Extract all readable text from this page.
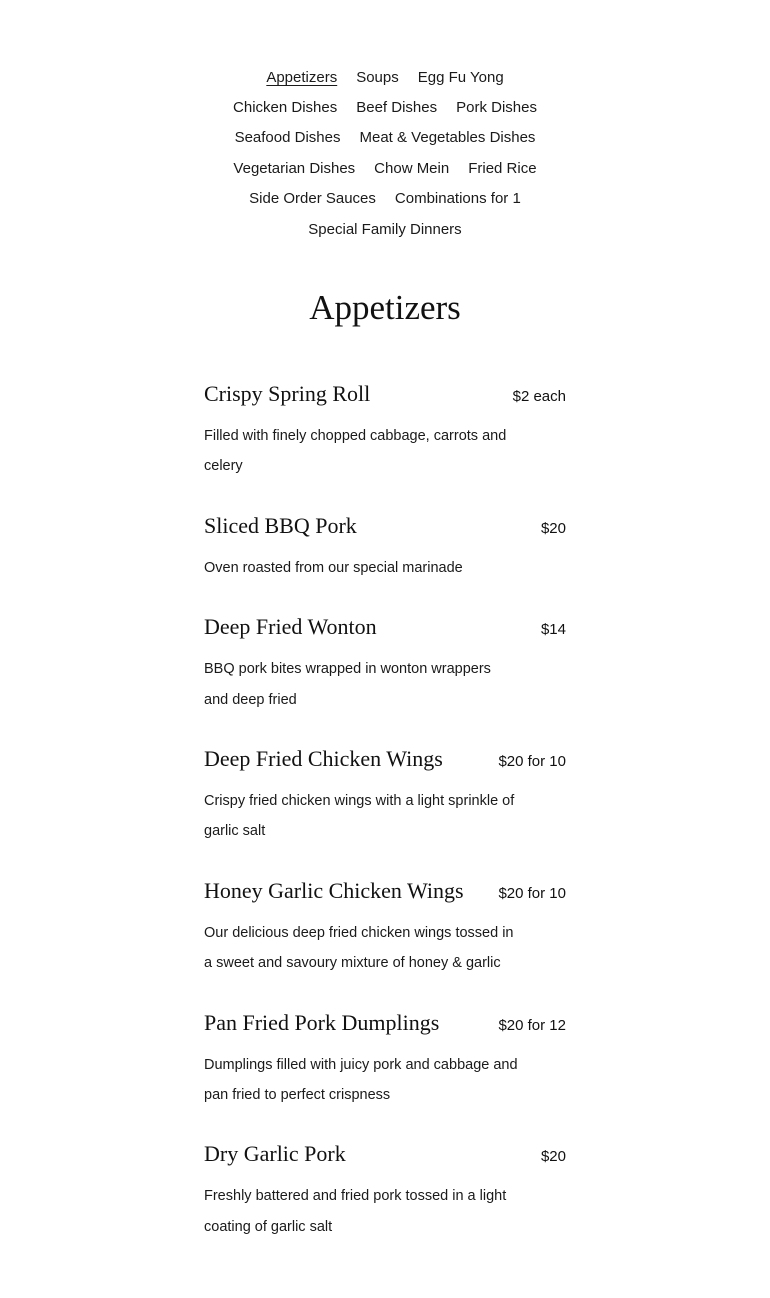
Appetizers Soups Egg Fu Yong
Chicken Dishes Beef Dishes Pork Dishes
Seafood Dishes Meat & Vegetables Dishes
Vegetarian Dishes Chow Mein Fried Rice
Side Order Sauces Combinations for 1
Special Family Dinners
Appetizers
Crispy Spring Roll	$2 each
Filled with finely chopped cabbage, carrots and celery
Sliced BBQ Pork	$20
Oven roasted from our special marinade
Deep Fried Wonton	$14
BBQ pork bites wrapped in wonton wrappers and deep fried
Deep Fried Chicken Wings	$20 for 10
Crispy fried chicken wings with a light sprinkle of garlic salt
Honey Garlic Chicken Wings $20 for 10
Our delicious deep fried chicken wings tossed in a sweet and savoury mixture of honey & garlic
Pan Fried Pork Dumplings	$20 for 12
Dumplings filled with juicy pork and cabbage and pan fried to perfect crispness
Dry Garlic Pork	$20
Freshly battered and fried pork tossed in a light coating of garlic salt
